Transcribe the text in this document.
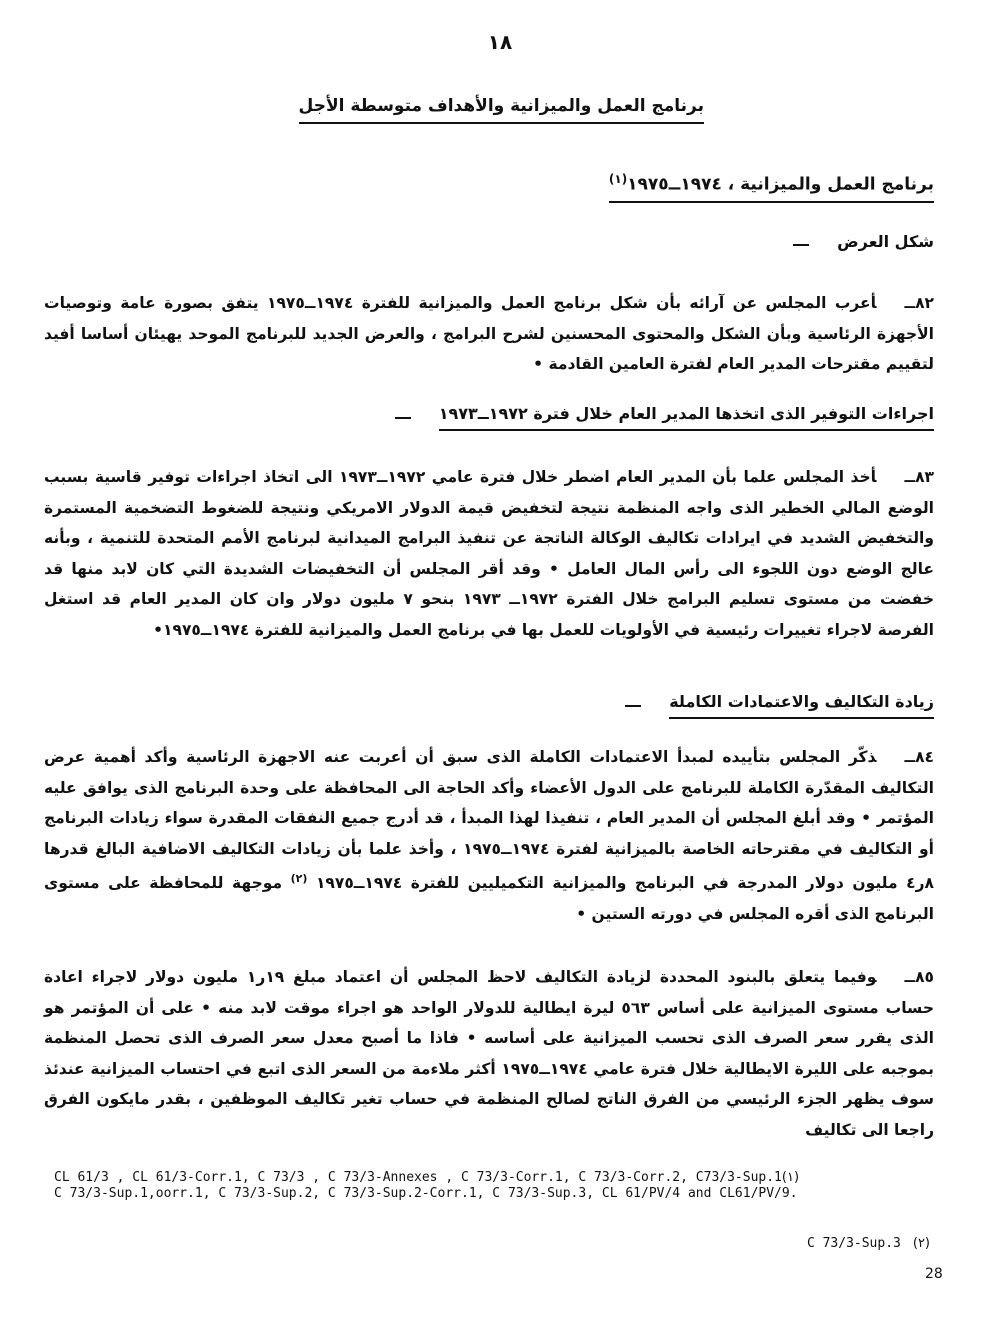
١٨
برنامج العمل والميزانية والأهداف متوسطة الأجل
برنامج العمل والميزانية ، ١٩٧٤ــ١٩٧٥$^{(١)}$
شكل العرض
٨٢ــأعرب المجلس عن آرائه بأن شكل برنامج العمل والميزانية للفترة ١٩٧٤ــ١٩٧٥ يتفق بصورة عامة وتوصيات الأجهزة الرئاسية وبأن الشكل والمحتوى المحسنين لشرح البرامج ، والعرض الجديد للبرنامج الموحد يهيئان أساسا أفيد لتقييم مقترحات المدير العام لفترة العامين القادمة •
اجراءات التوفير الذى اتخذها المدير العام خلال فترة ١٩٧٢ــ١٩٧٣
٨٣ــأخذ المجلس علما بأن المدير العام اضطر خلال فترة عامي ١٩٧٢ــ١٩٧٣ الى اتخاذ اجراءات توفير قاسية بسبب الوضع المالي الخطير الذى واجه المنظمة نتيجة لتخفيض قيمة الدولار الامريكي ونتيجة للضغوط التضخمية المستمرة والتخفيض الشديد في ايرادات تكاليف الوكالة الناتجة عن تنفيذ البرامج الميدانية لبرنامج الأمم المتحدة للتنمية ، وبأنه عالج الوضع دون اللجوء الى رأس المال العامل • وقد أقر المجلس أن التخفيضات الشديدة التي كان لابد منها قد خفضت من مستوى تسليم البرامج خلال الفترة ١٩٧٢ــ ١٩٧٣ بنحو ٧ مليون دولار وان كان المدير العام قد استغل الفرصة لاجراء تغييرات رئيسية في الأولويات للعمل بها في برنامج العمل والميزانية للفترة ١٩٧٤ــ١٩٧٥•
زيادة التكاليف والاعتمادات الكاملة
٨٤ــذكّر المجلس بتأييده لمبدأ الاعتمادات الكاملة الذى سبق أن أعربت عنه الاجهزة الرئاسية وأكد أهمية عرض التكاليف المقدّرة الكاملة للبرنامج على الدول الأعضاء وأكد الحاجة الى المحافظة على وحدة البرنامج الذى يوافق عليه المؤتمر • وقد أبلغ المجلس أن المدير العام ، تنفيذا لهذا المبدأ ، قد أدرج جميع النفقات المقدرة سواء زيادات البرنامج أو التكاليف في مقترحاته الخاصة بالميزانية لفترة ١٩٧٤ــ١٩٧٥ ، وأخذ علما بأن زيادات التكاليف الاضافية البالغ قدرها ٨ر٤ مليون دولار المدرجة في البرنامج والميزانية التكميليين للفترة ١٩٧٤ــ١٩٧٥ $^{(٢)}$ موجهة للمحافظة على مستوى البرنامج الذى أقره المجلس في دورته الستين •
٨٥ــوفيما يتعلق بالبنود المحددة لزيادة التكاليف لاحظ المجلس أن اعتماد مبلغ ١٩ر١ مليون دولار لاجراء اعادة حساب مستوى الميزانية على أساس ٥٦٣ ليرة ايطالية للدولار الواحد هو اجراء موقت لابد منه • على أن المؤتمر هو الذى يقرر سعر الصرف الذى تحسب الميزانية على أساسه • فاذا ما أصبح معدل سعر الصرف الذى تحصل المنظمة بموجبه على الليرة الايطالية خلال فترة عامي ١٩٧٤ــ١٩٧٥ أكثر ملاءمة من السعر الذى اتبع في احتساب الميزانية عندئذ سوف يظهر الجزء الرئيسي من الفرق الناتج لصالح المنظمة في حساب تغير تكاليف الموظفين ، بقدر مايكون الفرق راجعا الى تكاليف
CL 61/3 , CL 61/3-Corr.1, C 73/3 , C 73/3-Annexes , C 73/3-Corr.1, C 73/3-Corr.2, C73/3-Sup.1(١)
C 73/3-Sup.1,oorr.1, C 73/3-Sup.2, C 73/3-Sup.2-Corr.1, C 73/3-Sup.3, CL 61/PV/4 and CL61/PV/9.
C 73/3-Sup.3 (٢)
28
